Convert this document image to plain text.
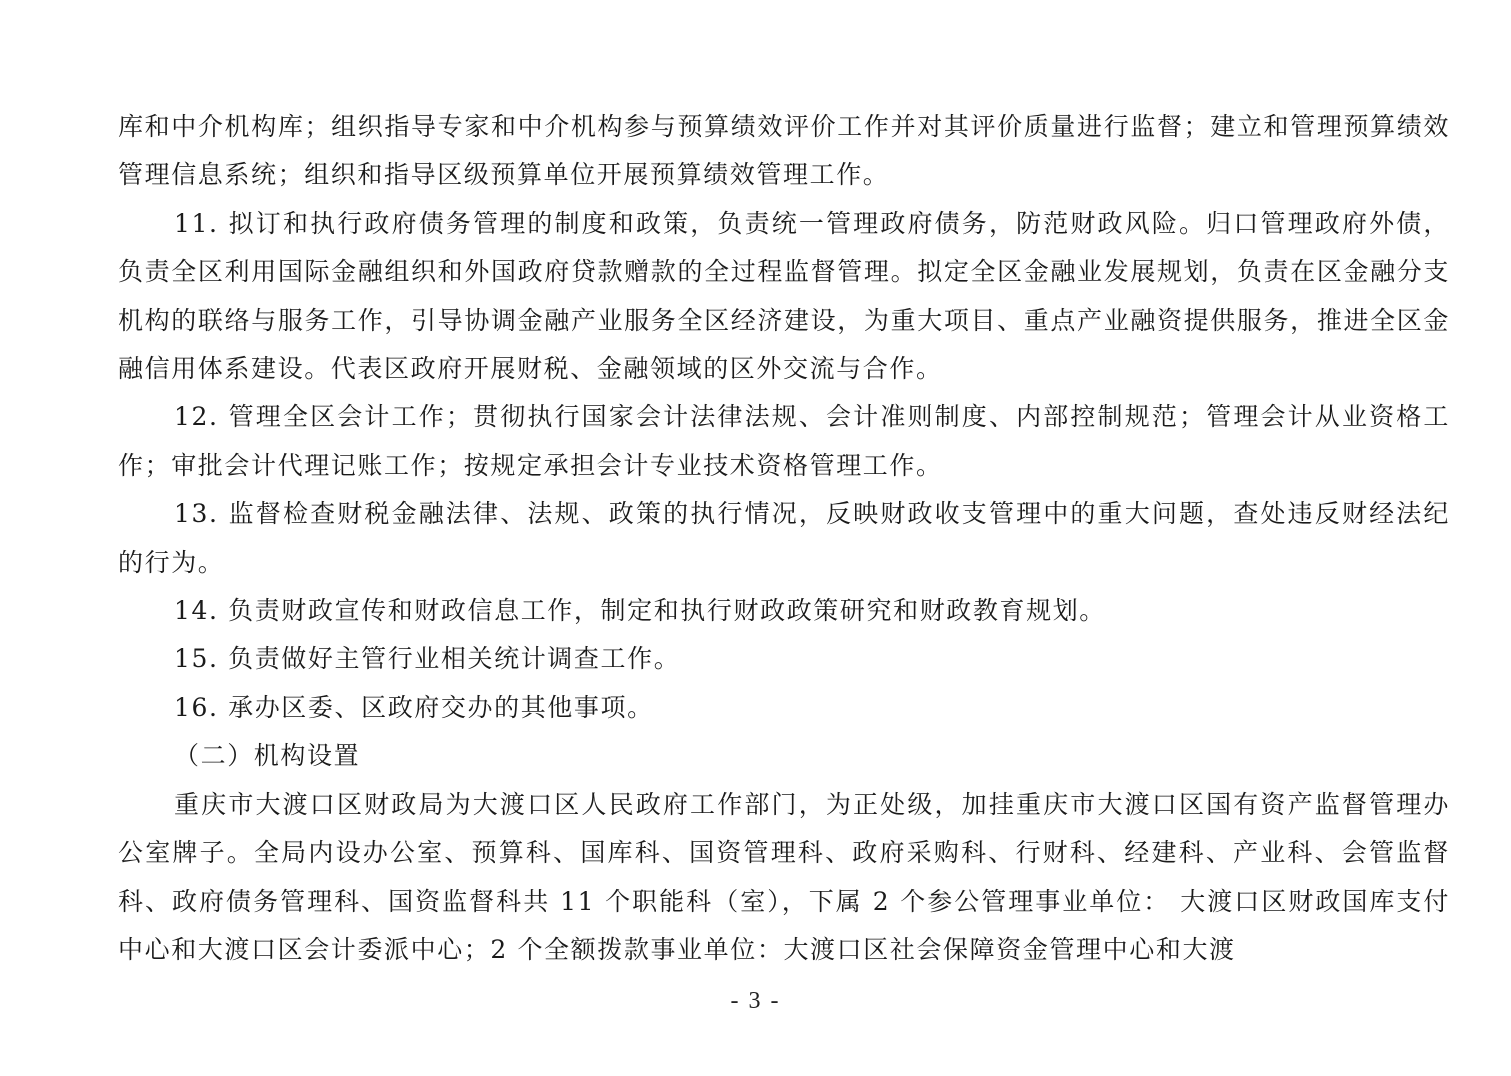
库和中介机构库；组织指导专家和中介机构参与预算绩效评价工作并对其评价质量进行监督；建立和管理预算绩效管理信息系统；组织和指导区级预算单位开展预算绩效管理工作。

11. 拟订和执行政府债务管理的制度和政策，负责统一管理政府债务，防范财政风险。归口管理政府外债，负责全区利用国际金融组织和外国政府贷款赠款的全过程监督管理。拟定全区金融业发展规划，负责在区金融分支机构的联络与服务工作，引导协调金融产业服务全区经济建设，为重大项目、重点产业融资提供服务，推进全区金融信用体系建设。代表区政府开展财税、金融领域的区外交流与合作。

12. 管理全区会计工作；贯彻执行国家会计法律法规、会计准则制度、内部控制规范；管理会计从业资格工作；审批会计代理记账工作；按规定承担会计专业技术资格管理工作。

13. 监督检查财税金融法律、法规、政策的执行情况，反映财政收支管理中的重大问题，查处违反财经法纪的行为。

14. 负责财政宣传和财政信息工作，制定和执行财政政策研究和财政教育规划。

15. 负责做好主管行业相关统计调查工作。

16. 承办区委、区政府交办的其他事项。

（二）机构设置

重庆市大渡口区财政局为大渡口区人民政府工作部门，为正处级，加挂重庆市大渡口区国有资产监督管理办公室牌子。全局内设办公室、预算科、国库科、国资管理科、政府采购科、行财科、经建科、产业科、会管监督科、政府债务管理科、国资监督科共 11 个职能科（室），下属 2 个参公管理事业单位： 大渡口区财政国库支付中心和大渡口区会计委派中心；2 个全额拨款事业单位：大渡口区社会保障资金管理中心和大渡

- 3 -
